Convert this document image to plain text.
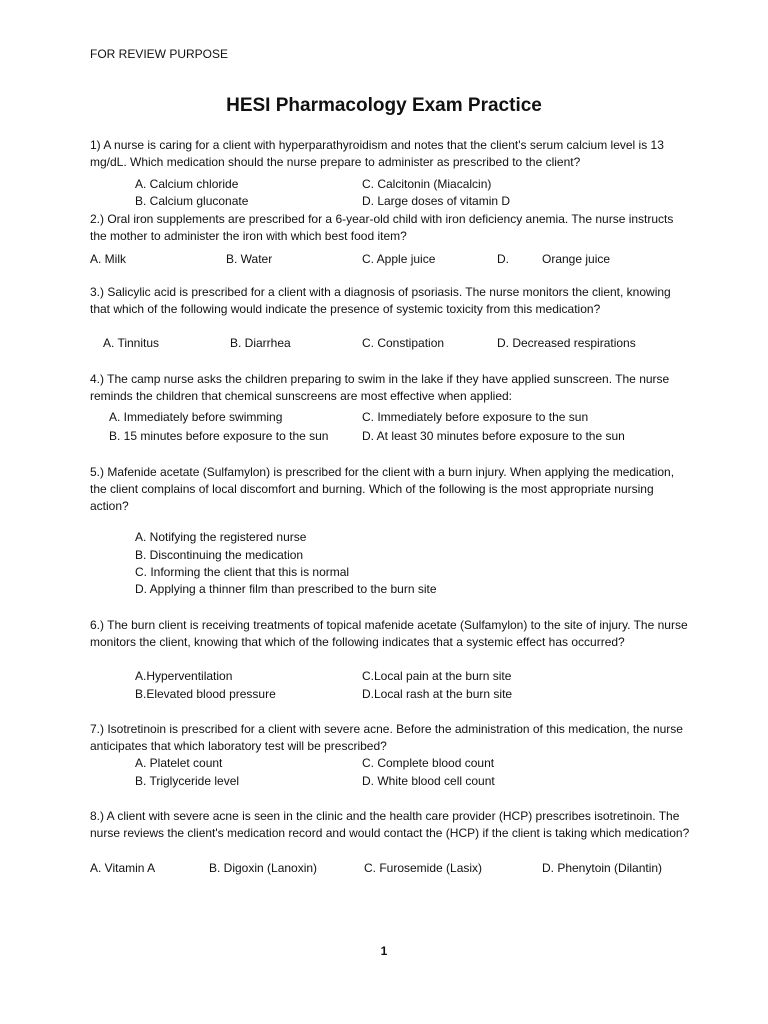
FOR REVIEW PURPOSE
HESI Pharmacology Exam Practice
1) A nurse is caring for a client with hyperparathyroidism and notes that the client's serum calcium level is 13 mg/dL. Which medication should the nurse prepare to administer as prescribed to the client?
A. Calcium chloride	C. Calcitonin (Miacalcin)
B. Calcium gluconate	D. Large doses of vitamin D
2.) Oral iron supplements are prescribed for a 6-year-old child with iron deficiency anemia. The nurse instructs the mother to administer the iron with which best food item?
A. Milk	B. Water	C. Apple juice	D.	Orange juice
3.) Salicylic acid is prescribed for a client with a diagnosis of psoriasis. The nurse monitors the client, knowing that which of the following would indicate the presence of systemic toxicity from this medication?
A. Tinnitus	B. Diarrhea	C. Constipation	D. Decreased respirations
4.) The camp nurse asks the children preparing to swim in the lake if they have applied sunscreen. The nurse reminds the children that chemical sunscreens are most effective when applied:
A. Immediately before swimming	C. Immediately before exposure to the sun
B. 15 minutes before exposure to the sun	D. At least 30 minutes before exposure to the sun
5.) Mafenide acetate (Sulfamylon) is prescribed for the client with a burn injury. When applying the medication, the client complains of local discomfort and burning. Which of the following is the most appropriate nursing action?
A. Notifying the registered nurse
B. Discontinuing the medication
C. Informing the client that this is normal
D. Applying a thinner film than prescribed to the burn site
6.) The burn client is receiving treatments of topical mafenide acetate (Sulfamylon) to the site of injury. The nurse monitors the client, knowing that which of the following indicates that a systemic effect has occurred?
A.Hyperventilation	C.Local pain at the burn site
B.Elevated blood pressure	D.Local rash at the burn site
7.) Isotretinoin is prescribed for a client with severe acne. Before the administration of this medication, the nurse anticipates that which laboratory test will be prescribed?
A. Platelet count	C. Complete blood count
B. Triglyceride level	D. White blood cell count
8.) A client with severe acne is seen in the clinic and the health care provider (HCP) prescribes isotretinoin. The nurse reviews the client's medication record and would contact the (HCP) if the client is taking which medication?
A. Vitamin A	B. Digoxin (Lanoxin)	C. Furosemide (Lasix)	D. Phenytoin (Dilantin)
1
